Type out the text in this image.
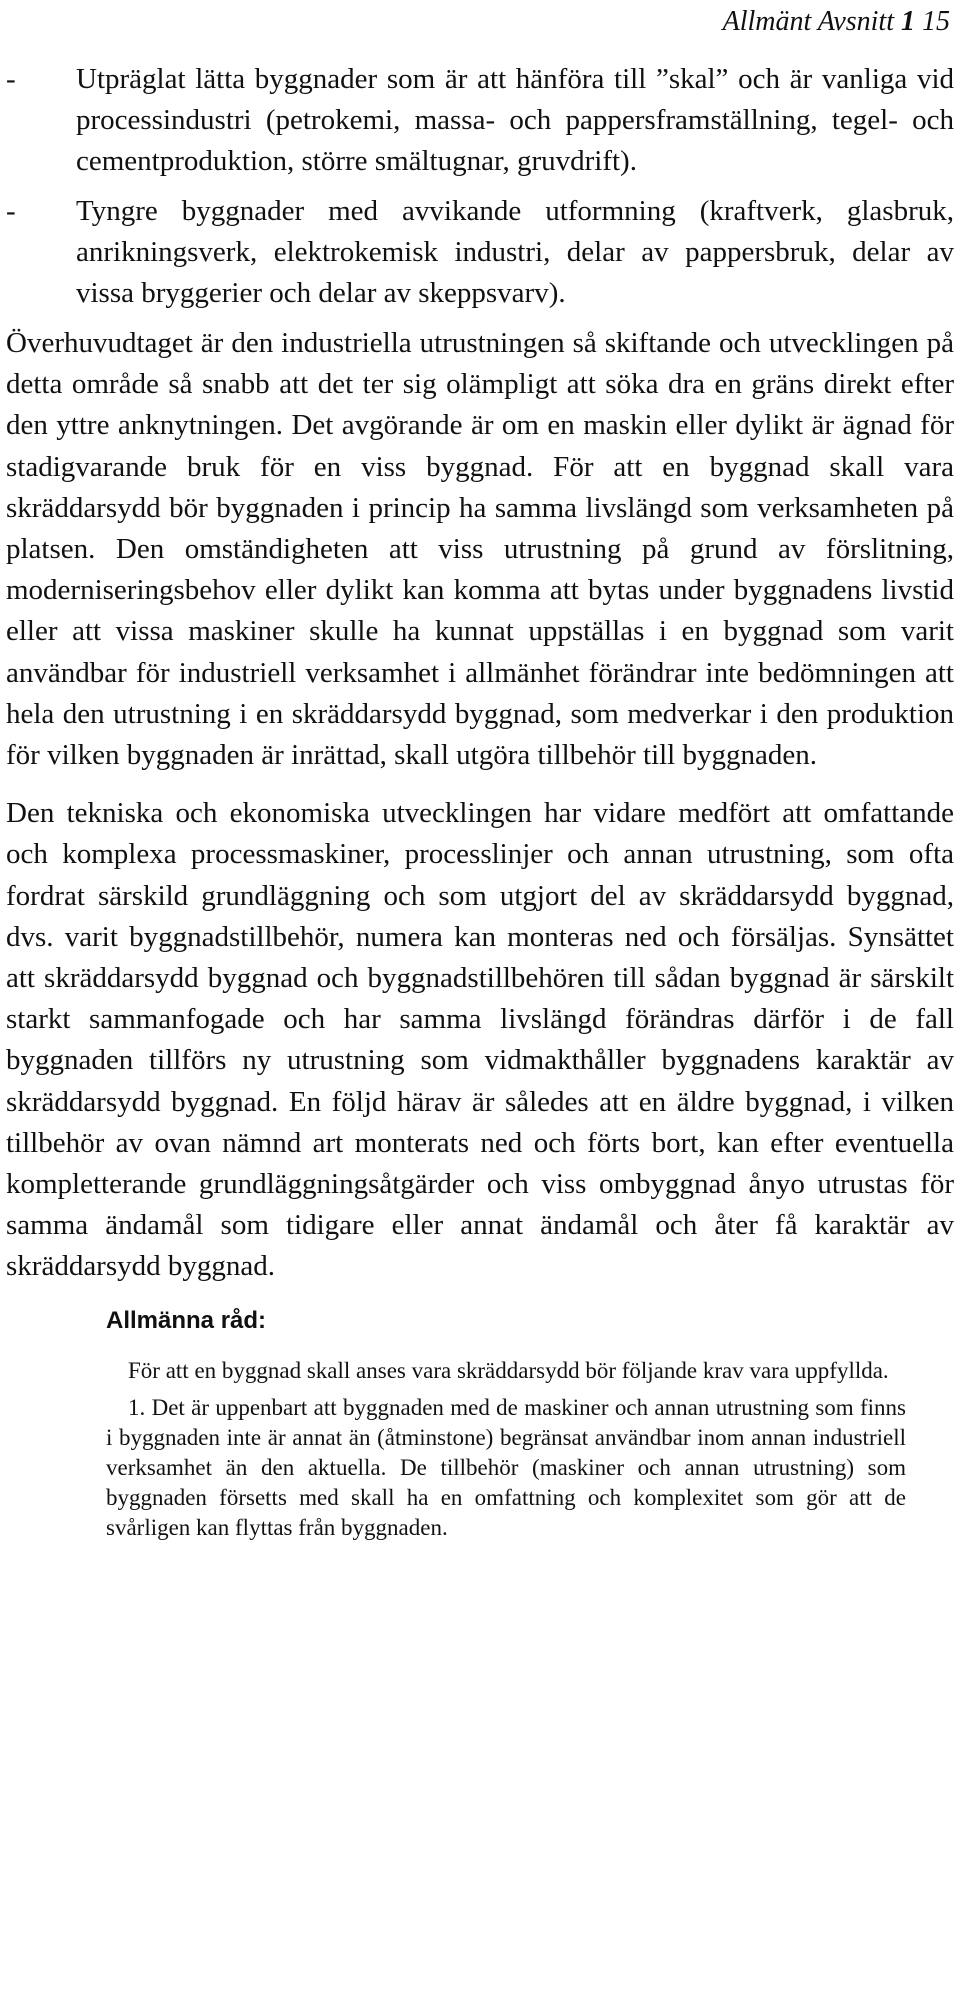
Allmänt Avsnitt 1 15
- Utpräglat lätta byggnader som är att hänföra till ”skal” och är vanliga vid processindustri (petrokemi, massa- och pappersframställning, tegel- och cementproduktion, större smältugnar, gruvdrift).
- Tyngre byggnader med avvikande utformning (kraftverk, glasbruk, anrikningsverk, elektrokemisk industri, delar av pappersbruk, delar av vissa bryggerier och delar av skeppsvarv).

Överhuvudtaget är den industriella utrustningen så skiftande och utvecklingen på detta område så snabb att det ter sig olämpligt att söka dra en gräns direkt efter den yttre anknytningen. Det avgörande är om en maskin eller dylikt är ägnad för stadigvarande bruk för en viss byggnad. För att en byggnad skall vara skräddarsydd bör byggnaden i princip ha samma livslängd som verksamheten på platsen. Den omständigheten att viss utrustning på grund av förslitning, moderniseringsbehov eller dylikt kan komma att bytas under byggnadens livstid eller att vissa maskiner skulle ha kunnat uppställas i en byggnad som varit användbar för industriell verksamhet i allmänhet förändrar inte bedömningen att hela den utrustning i en skräddarsydd byggnad, som medverkar i den produktion för vilken byggnaden är inrättad, skall utgöra tillbehör till byggnaden.

Den tekniska och ekonomiska utvecklingen har vidare medfört att omfattande och komplexa processmaskiner, processlinjer och annan utrustning, som ofta fordrat särskild grundläggning och som utgjort del av skräddarsydd byggnad, dvs. varit byggnadstillbehör, numera kan monteras ned och försäljas. Synsättet att skräddarsydd byggnad och byggnadstillbehören till sådan byggnad är särskilt starkt sammanfogade och har samma livslängd förändras därför i de fall byggnaden tillförs ny utrustning som vidmakthåller byggnadens karaktär av skräddarsydd byggnad. En följd härav är således att en äldre byggnad, i vilken tillbehör av ovan nämnd art monterats ned och förts bort, kan efter eventuella kompletterande grundläggningsåtgärder och viss ombyggnad ånyo utrustas för samma ändamål som tidigare eller annat ändamål och åter få karaktär av skräddarsydd byggnad.

Allmänna råd:

För att en byggnad skall anses vara skräddarsydd bör följande krav vara uppfyllda.

1. Det är uppenbart att byggnaden med de maskiner och annan utrustning som finns i byggnaden inte är annat än (åtminstone) begränsat användbar inom annan industriell verksamhet än den aktuella. De tillbehör (maskiner och annan utrustning) som byggnaden försetts med skall ha en omfattning och komplexitet som gör att de svårligen kan flyttas från byggnaden.
